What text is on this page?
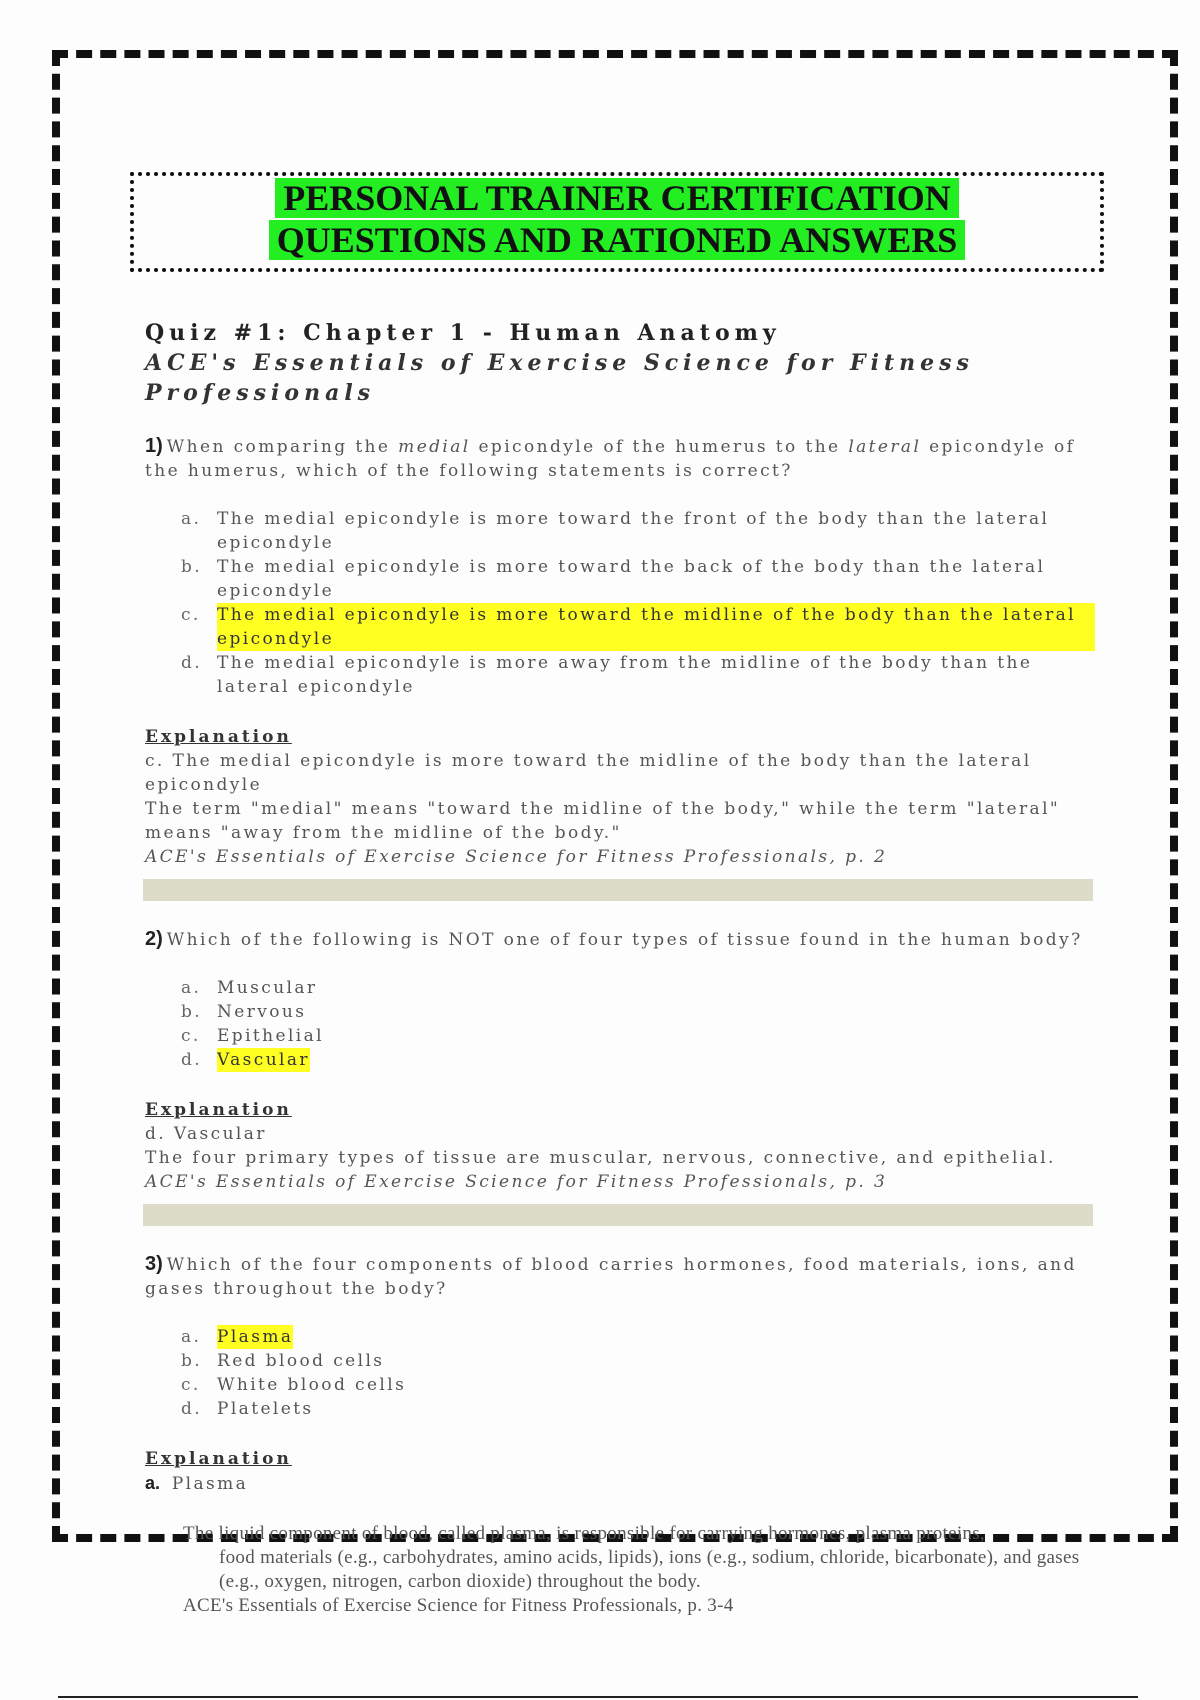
PERSONAL TRAINER CERTIFICATION
QUESTIONS AND RATIONED ANSWERS
Quiz #1: Chapter 1 - Human Anatomy
ACE's Essentials of Exercise Science for Fitness Professionals
1) When comparing the medial epicondyle of the humerus to the lateral epicondyle of the humerus, which of the following statements is correct?
a. The medial epicondyle is more toward the front of the body than the lateral epicondyle
b. The medial epicondyle is more toward the back of the body than the lateral epicondyle
c. The medial epicondyle is more toward the midline of the body than the lateral epicondyle
d. The medial epicondyle is more away from the midline of the body than the lateral epicondyle
Explanation
c. The medial epicondyle is more toward the midline of the body than the lateral epicondyle
The term "medial" means "toward the midline of the body," while the term "lateral" means "away from the midline of the body."
ACE's Essentials of Exercise Science for Fitness Professionals, p. 2
2) Which of the following is NOT one of four types of tissue found in the human body?
a. Muscular
b. Nervous
c. Epithelial
d. Vascular
Explanation
d. Vascular
The four primary types of tissue are muscular, nervous, connective, and epithelial.
ACE's Essentials of Exercise Science for Fitness Professionals, p. 3
3) Which of the four components of blood carries hormones, food materials, ions, and gases throughout the body?
a. Plasma
b. Red blood cells
c. White blood cells
d. Platelets
Explanation
a. Plasma
The liquid component of blood, called plasma, is responsible for carrying hormones, plasma proteins,
food materials (e.g., carbohydrates, amino acids, lipids), ions (e.g., sodium, chloride, bicarbonate), and gases (e.g., oxygen, nitrogen, carbon dioxide) throughout the body.
ACE's Essentials of Exercise Science for Fitness Professionals, p. 3-4
